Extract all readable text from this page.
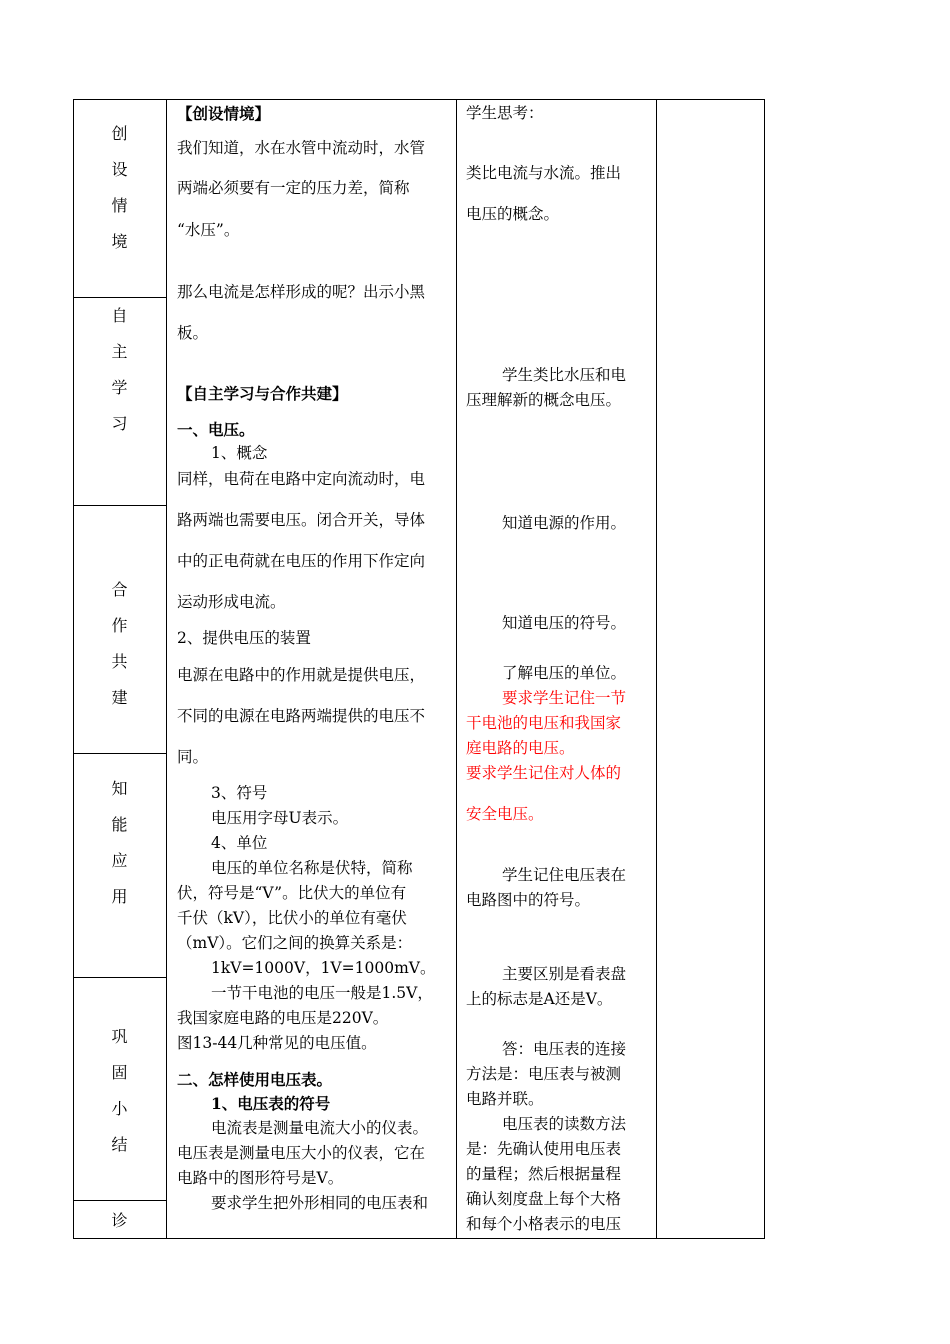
创
设
情
境
自
主
学
习
合
作
共
建
知
能
应
用
巩
固
小
结
诊
【创设情境】
我们知道，水在水管中流动时，水管
两端必须要有一定的压力差，简称
“水压”。
那么电流是怎样形成的呢？出示小黑
板。
【自主学习与合作共建】
一、电压。
1、概念
同样，电荷在电路中定向流动时，电
路两端也需要电压。闭合开关，导体
中的正电荷就在电压的作用下作定向
运动形成电流。
2、提供电压的装置
电源在电路中的作用就是提供电压，
不同的电源在电路两端提供的电压不
同。
3、符号
电压用字母U表示。
4、单位
电压的单位名称是伏特，简称
伏，符号是“V”。比伏大的单位有
千伏（kV），比伏小的单位有毫伏
（mV）。它们之间的换算关系是：
1kV=1000V，1V=1000mV。
一节干电池的电压一般是1.5V，
我国家庭电路的电压是220V。
图13-44几种常见的电压值。
二、怎样使用电压表。
1、电压表的符号
电流表是测量电流大小的仪表。
电压表是测量电压大小的仪表，它在
电路中的图形符号是V。
要求学生把外形相同的电压表和
学生思考：
类比电流与水流。推出
电压的概念。
学生类比水压和电
压理解新的概念电压。
知道电源的作用。
知道电压的符号。
了解电压的单位。
要求学生记住一节
干电池的电压和我国家
庭电路的电压。
要求学生记住对人体的
安全电压。
学生记住电压表在
电路图中的符号。
主要区别是看表盘
上的标志是A还是V。
答：电压表的连接
方法是：电压表与被测
电路并联。
电压表的读数方法
是：先确认使用电压表
的量程；然后根据量程
确认刻度盘上每个大格
和每个小格表示的电压
